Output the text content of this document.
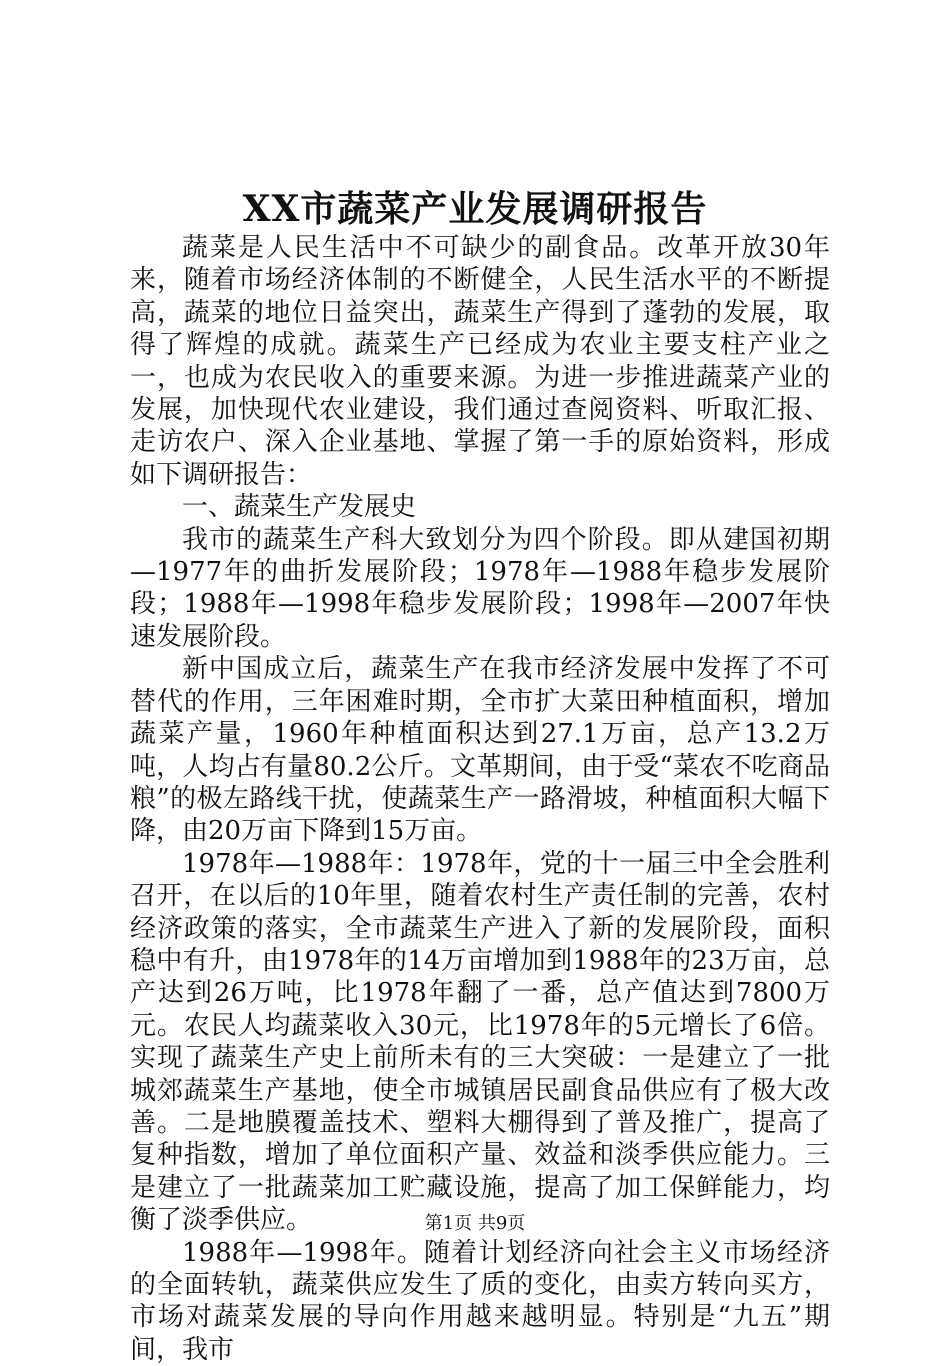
XX市蔬菜产业发展调研报告

蔬菜是人民生活中不可缺少的副食品。改革开放30年来，随着市场经济体制的不断健全，人民生活水平的不断提高，蔬菜的地位日益突出，蔬菜生产得到了蓬勃的发展，取得了辉煌的成就。蔬菜生产已经成为农业主要支柱产业之一，也成为农民收入的重要来源。为进一步推进蔬菜产业的发展，加快现代农业建设，我们通过查阅资料、听取汇报、走访农户、深入企业基地、掌握了第一手的原始资料，形成如下调研报告：

一、蔬菜生产发展史

我市的蔬菜生产科大致划分为四个阶段。即从建国初期—1977年的曲折发展阶段；1978年—1988年稳步发展阶段；1988年—1998年稳步发展阶段；1998年—2007年快速发展阶段。

新中国成立后，蔬菜生产在我市经济发展中发挥了不可替代的作用，三年困难时期，全市扩大菜田种植面积，增加蔬菜产量，1960年种植面积达到27.1万亩，总产13.2万吨，人均占有量80.2公斤。文革期间，由于受“菜农不吃商品粮”的极左路线干扰，使蔬菜生产一路滑坡，种植面积大幅下降，由20万亩下降到15万亩。

1978年—1988年：1978年，党的十一届三中全会胜利召开，在以后的10年里，随着农村生产责任制的完善，农村经济政策的落实，全市蔬菜生产进入了新的发展阶段，面积稳中有升，由1978年的14万亩增加到1988年的23万亩，总产达到26万吨，比1978年翻了一番，总产值达到7800万元。农民人均蔬菜收入30元，比1978年的5元增长了6倍。实现了蔬菜生产史上前所未有的三大突破：一是建立了一批城郊蔬菜生产基地，使全市城镇居民副食品供应有了极大改善。二是地膜覆盖技术、塑料大棚得到了普及推广，提高了复种指数，增加了单位面积产量、效益和淡季供应能力。三是建立了一批蔬菜加工贮藏设施，提高了加工保鲜能力，均衡了淡季供应。

1988年—1998年。随着计划经济向社会主义市场经济的全面转轨，蔬菜供应发生了质的变化，由卖方转向买方，市场对蔬菜发展的导向作用越来越明显。特别是“九五”期间，我市

第1页 共9页
